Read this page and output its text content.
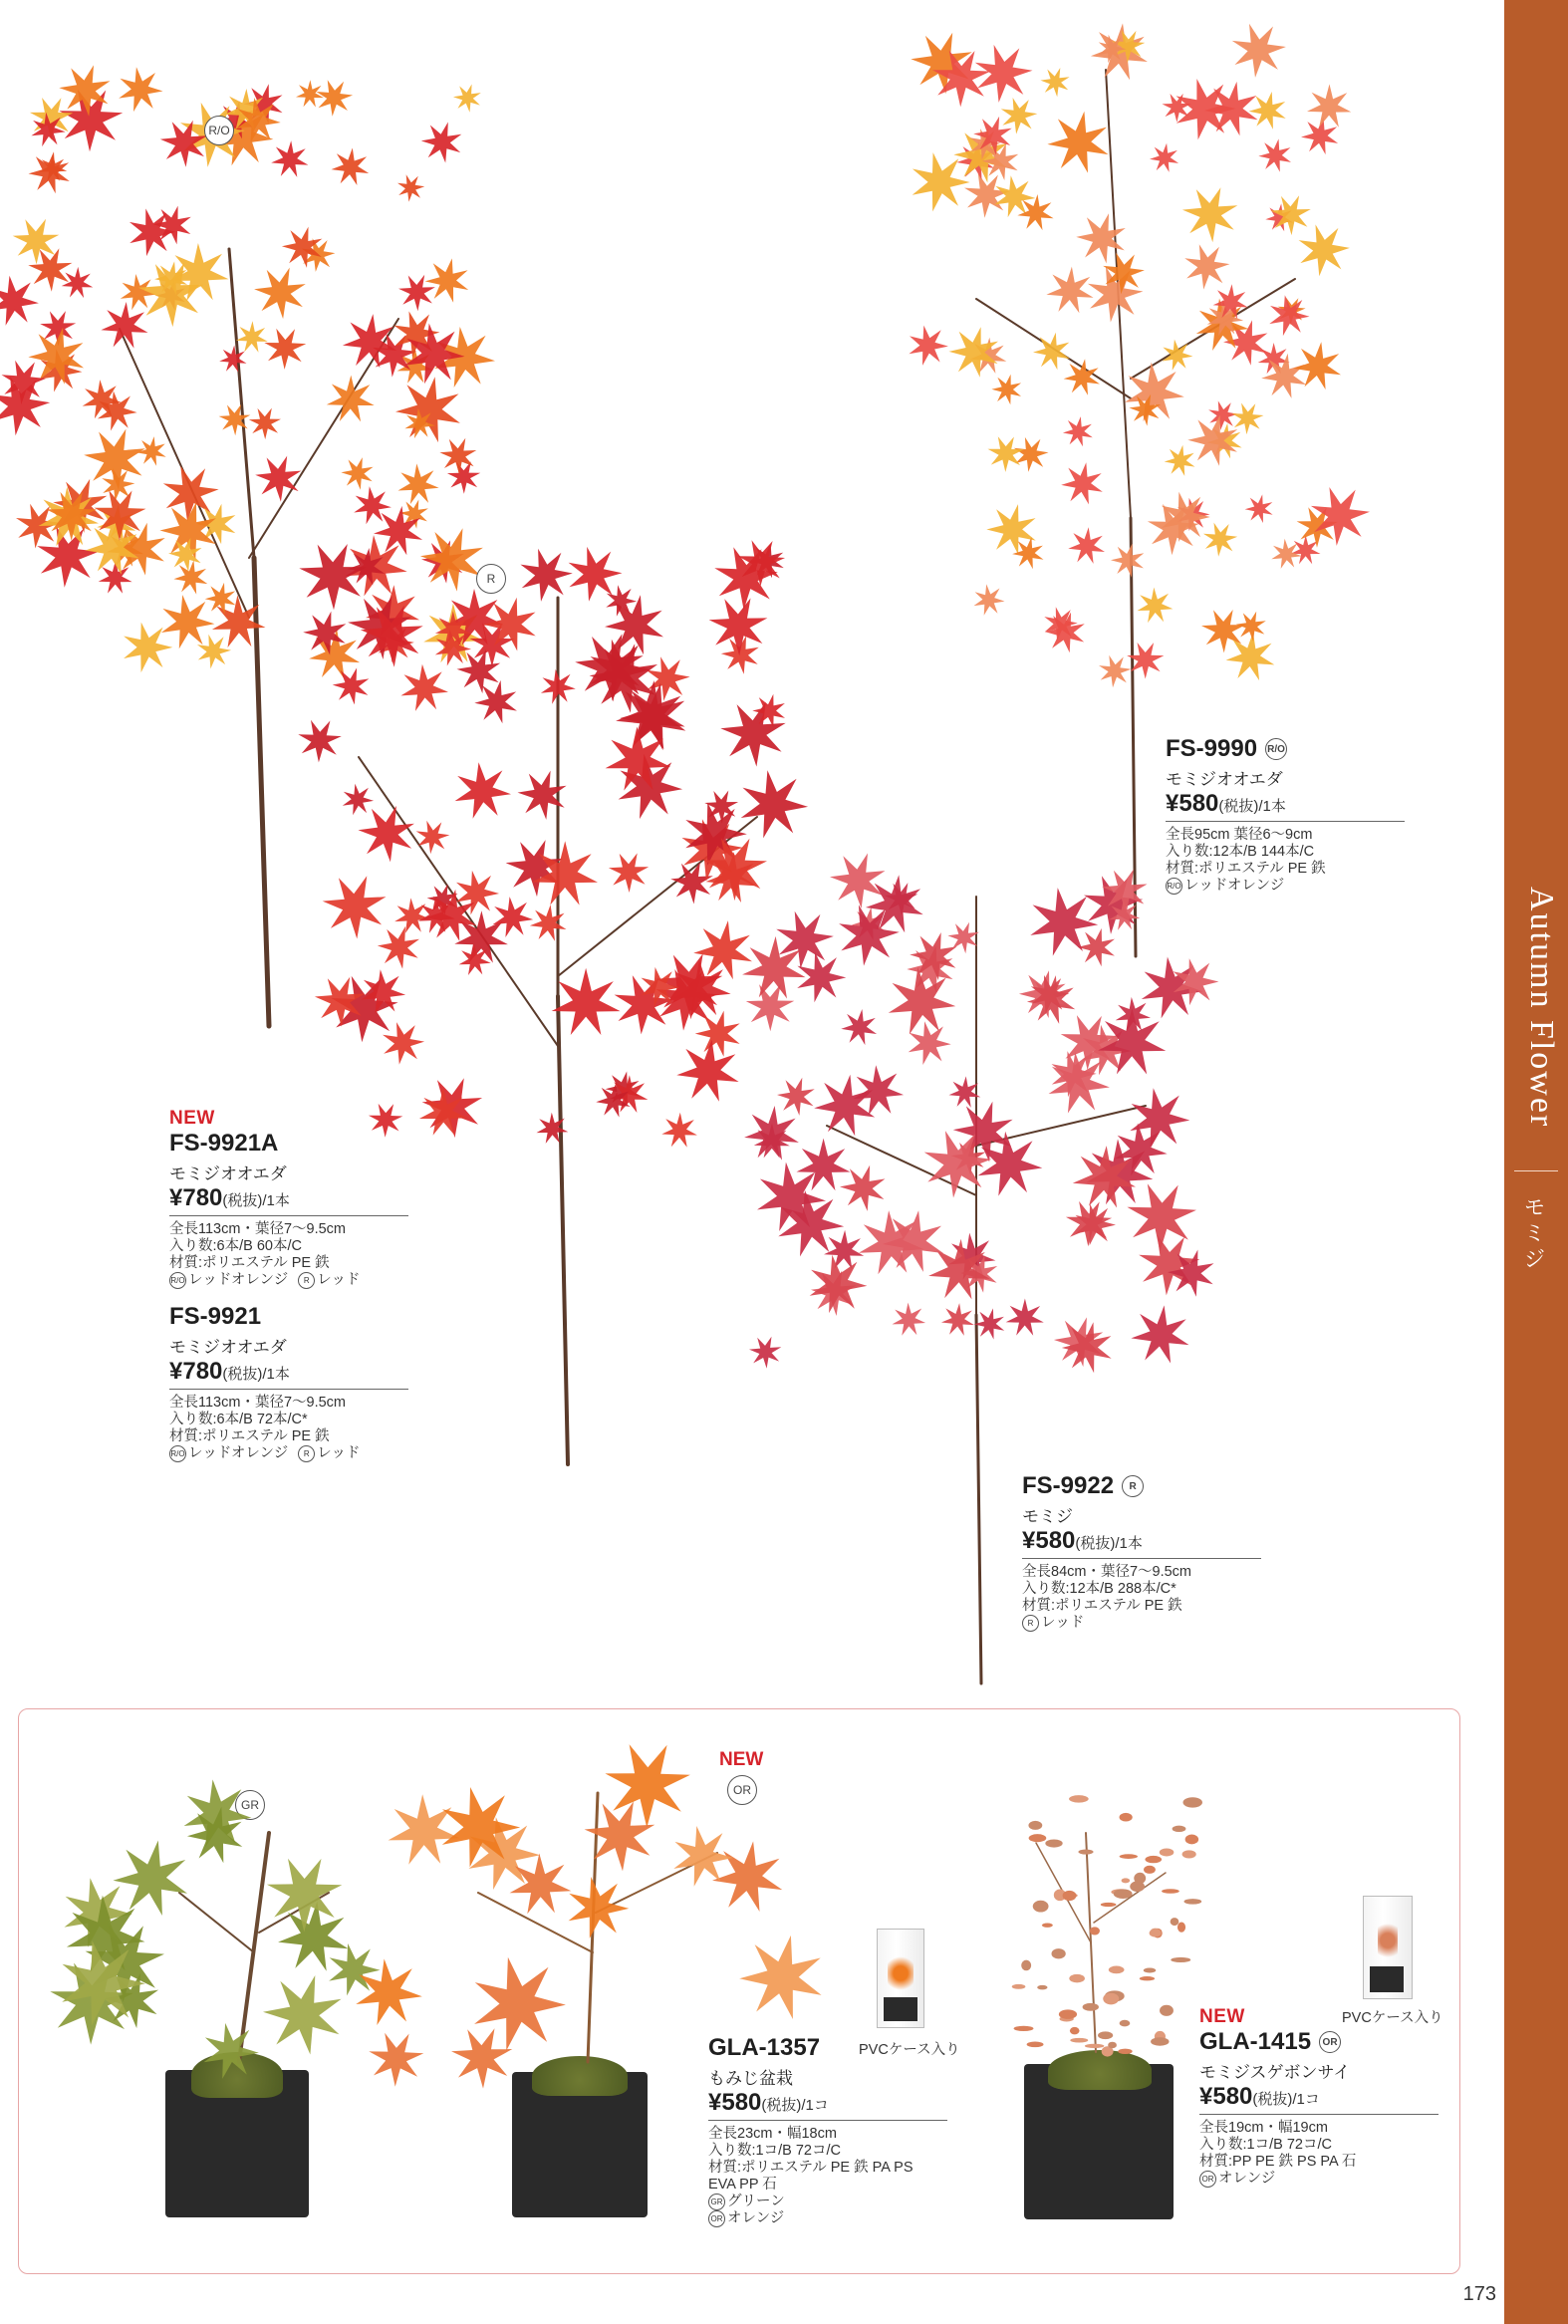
Autumn Flower
モミジ
173
R/O
R
GR
OR
NEW
FS-9990 R/O
モミジオオエダ
¥580(税抜)/1本
全長95cm 葉径6～9cm
入り数:12本/B 144本/C
材質:ポリエステル PE 鉄
R/O レッドオレンジ
NEW
FS-9921A
モミジオオエダ
¥780(税抜)/1本
全長113cm・葉径7～9.5cm
入り数:6本/B 60本/C
材質:ポリエステル PE 鉄
R/O レッドオレンジ	R レッド
FS-9921
モミジオオエダ
¥780(税抜)/1本
全長113cm・葉径7～9.5cm
入り数:6本/B 72本/C*
材質:ポリエステル PE 鉄
R/O レッドオレンジ	R レッド
FS-9922	R
モミジ
¥580(税抜)/1本
全長84cm・葉径7～9.5cm
入り数:12本/B 288本/C*
材質:ポリエステル PE 鉄
R レッド
PVCケース入り
PVCケース入り
GLA-1357
もみじ盆栽
¥580(税抜)/1コ
全長23cm・幅18cm
入り数:1コ/B 72コ/C
材質:ポリエステル PE 鉄 PA PS
EVA PP 石
GR グリーン
OR オレンジ
NEW
GLA-1415	OR
モミジスゲボンサイ
¥580(税抜)/1コ
全長19cm・幅19cm
入り数:1コ/B 72コ/C
材質:PP PE 鉄 PS PA 石
OR オレンジ
